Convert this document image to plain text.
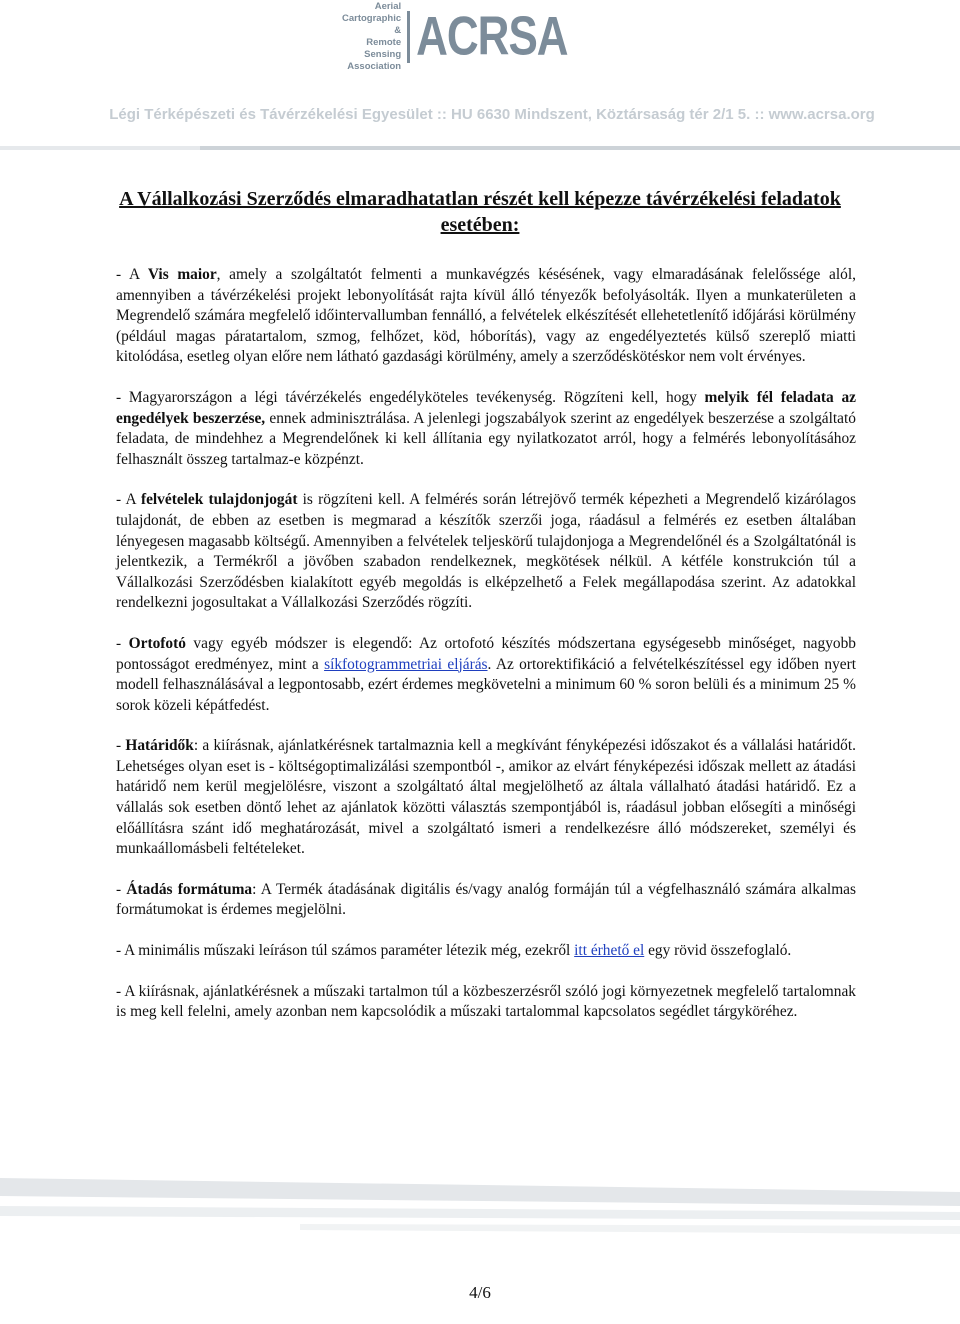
Aerial Cartographic &
Remote Sensing
Association ACRSA
Légi Térképészeti és Távérzékelési Egyesület :: HU 6630 Mindszent, Köztársaság tér 2/1 5. :: www.acrsa.org
A Vállalkozási Szerződés elmaradhatatlan részét kell képezze távérzékelési feladatok esetében:

- A Vis maior, amely a szolgáltatót felmenti a munkavégzés késésének, vagy elmaradásának felelőssége alól, amennyiben a távérzékelési projekt lebonyolítását rajta kívül álló tényezők befolyásolták. Ilyen a munkaterületen a Megrendelő számára megfelelő időintervallumban fennálló, a felvételek elkészítését ellehetetlenítő időjárási körülmény (például magas páratartalom, szmog, felhőzet, köd, hóborítás), vagy az engedélyeztetés külső szereplő miatti kitolódása, esetleg olyan előre nem látható gazdasági körülmény, amely a szerződéskötéskor nem volt érvényes.

- Magyarországon a légi távérzékelés engedélyköteles tevékenység. Rögzíteni kell, hogy melyik fél feladata az engedélyek beszerzése, ennek adminisztrálása. A jelenlegi jogszabályok szerint az engedélyek beszerzése a szolgáltató feladata, de mindehhez a Megrendelőnek ki kell állítania egy nyilatkozatot arról, hogy a felmérés lebonyolításához felhasznált összeg tartalmaz-e közpénzt.

- A felvételek tulajdonjogát is rögzíteni kell. A felmérés során létrejövő termék képezheti a Megrendelő kizárólagos tulajdonát, de ebben az esetben is megmarad a készítők szerzői joga, ráadásul a felmérés ez esetben általában lényegesen magasabb költségű. Amennyiben a felvételek teljeskörű tulajdonjoga a Megrendelőnél és a Szolgáltatónál is jelentkezik, a Termékről a jövőben szabadon rendelkeznek, megkötések nélkül. A kétféle konstrukción túl a Vállalkozási Szerződésben kialakított egyéb megoldás is elképzelhető a Felek megállapodása szerint. Az adatokkal rendelkezni jogosultakat a Vállalkozási Szerződés rögzíti.

- Ortofotó vagy egyéb módszer is elegendő: Az ortofotó készítés módszertana egységesebb minőséget, nagyobb pontosságot eredményez, mint a síkfotogrammetriai eljárás. Az ortorektifikáció a felvételkészítéssel egy időben nyert modell felhasználásával a legpontosabb, ezért érdemes megkövetelni a minimum 60 % soron belüli és a minimum 25 % sorok közeli képátfedést.

- Határidők: a kiírásnak, ajánlatkérésnek tartalmaznia kell a megkívánt fényképezési időszakot és a vállalási határidőt. Lehetséges olyan eset is - költségoptimalizálási szempontból -, amikor az elvárt fényképezési időszak mellett az átadási határidő nem kerül megjelölésre, viszont a szolgáltató által megjelölhető az általa vállalható átadási határidő. Ez a vállalás sok esetben döntő lehet az ajánlatok közötti választás szempontjából is, ráadásul jobban elősegíti a minőségi előállításra szánt idő meghatározását, mivel a szolgáltató ismeri a rendelkezésre álló módszereket, személyi és munkaállomásbeli feltételeket.

- Átadás formátuma: A Termék átadásának digitális és/vagy analóg formáján túl a végfelhasználó számára alkalmas formátumokat is érdemes megjelölni.

- A minimális műszaki leíráson túl számos paraméter létezik még, ezekről itt érhető el egy rövid összefoglaló.

- A kiírásnak, ajánlatkérésnek a műszaki tartalmon túl a közbeszerzésről szóló jogi környezetnek megfelelő tartalomnak is meg kell felelni, amely azonban nem kapcsolódik a műszaki tartalommal kapcsolatos segédlet tárgyköréhez.

4/6
